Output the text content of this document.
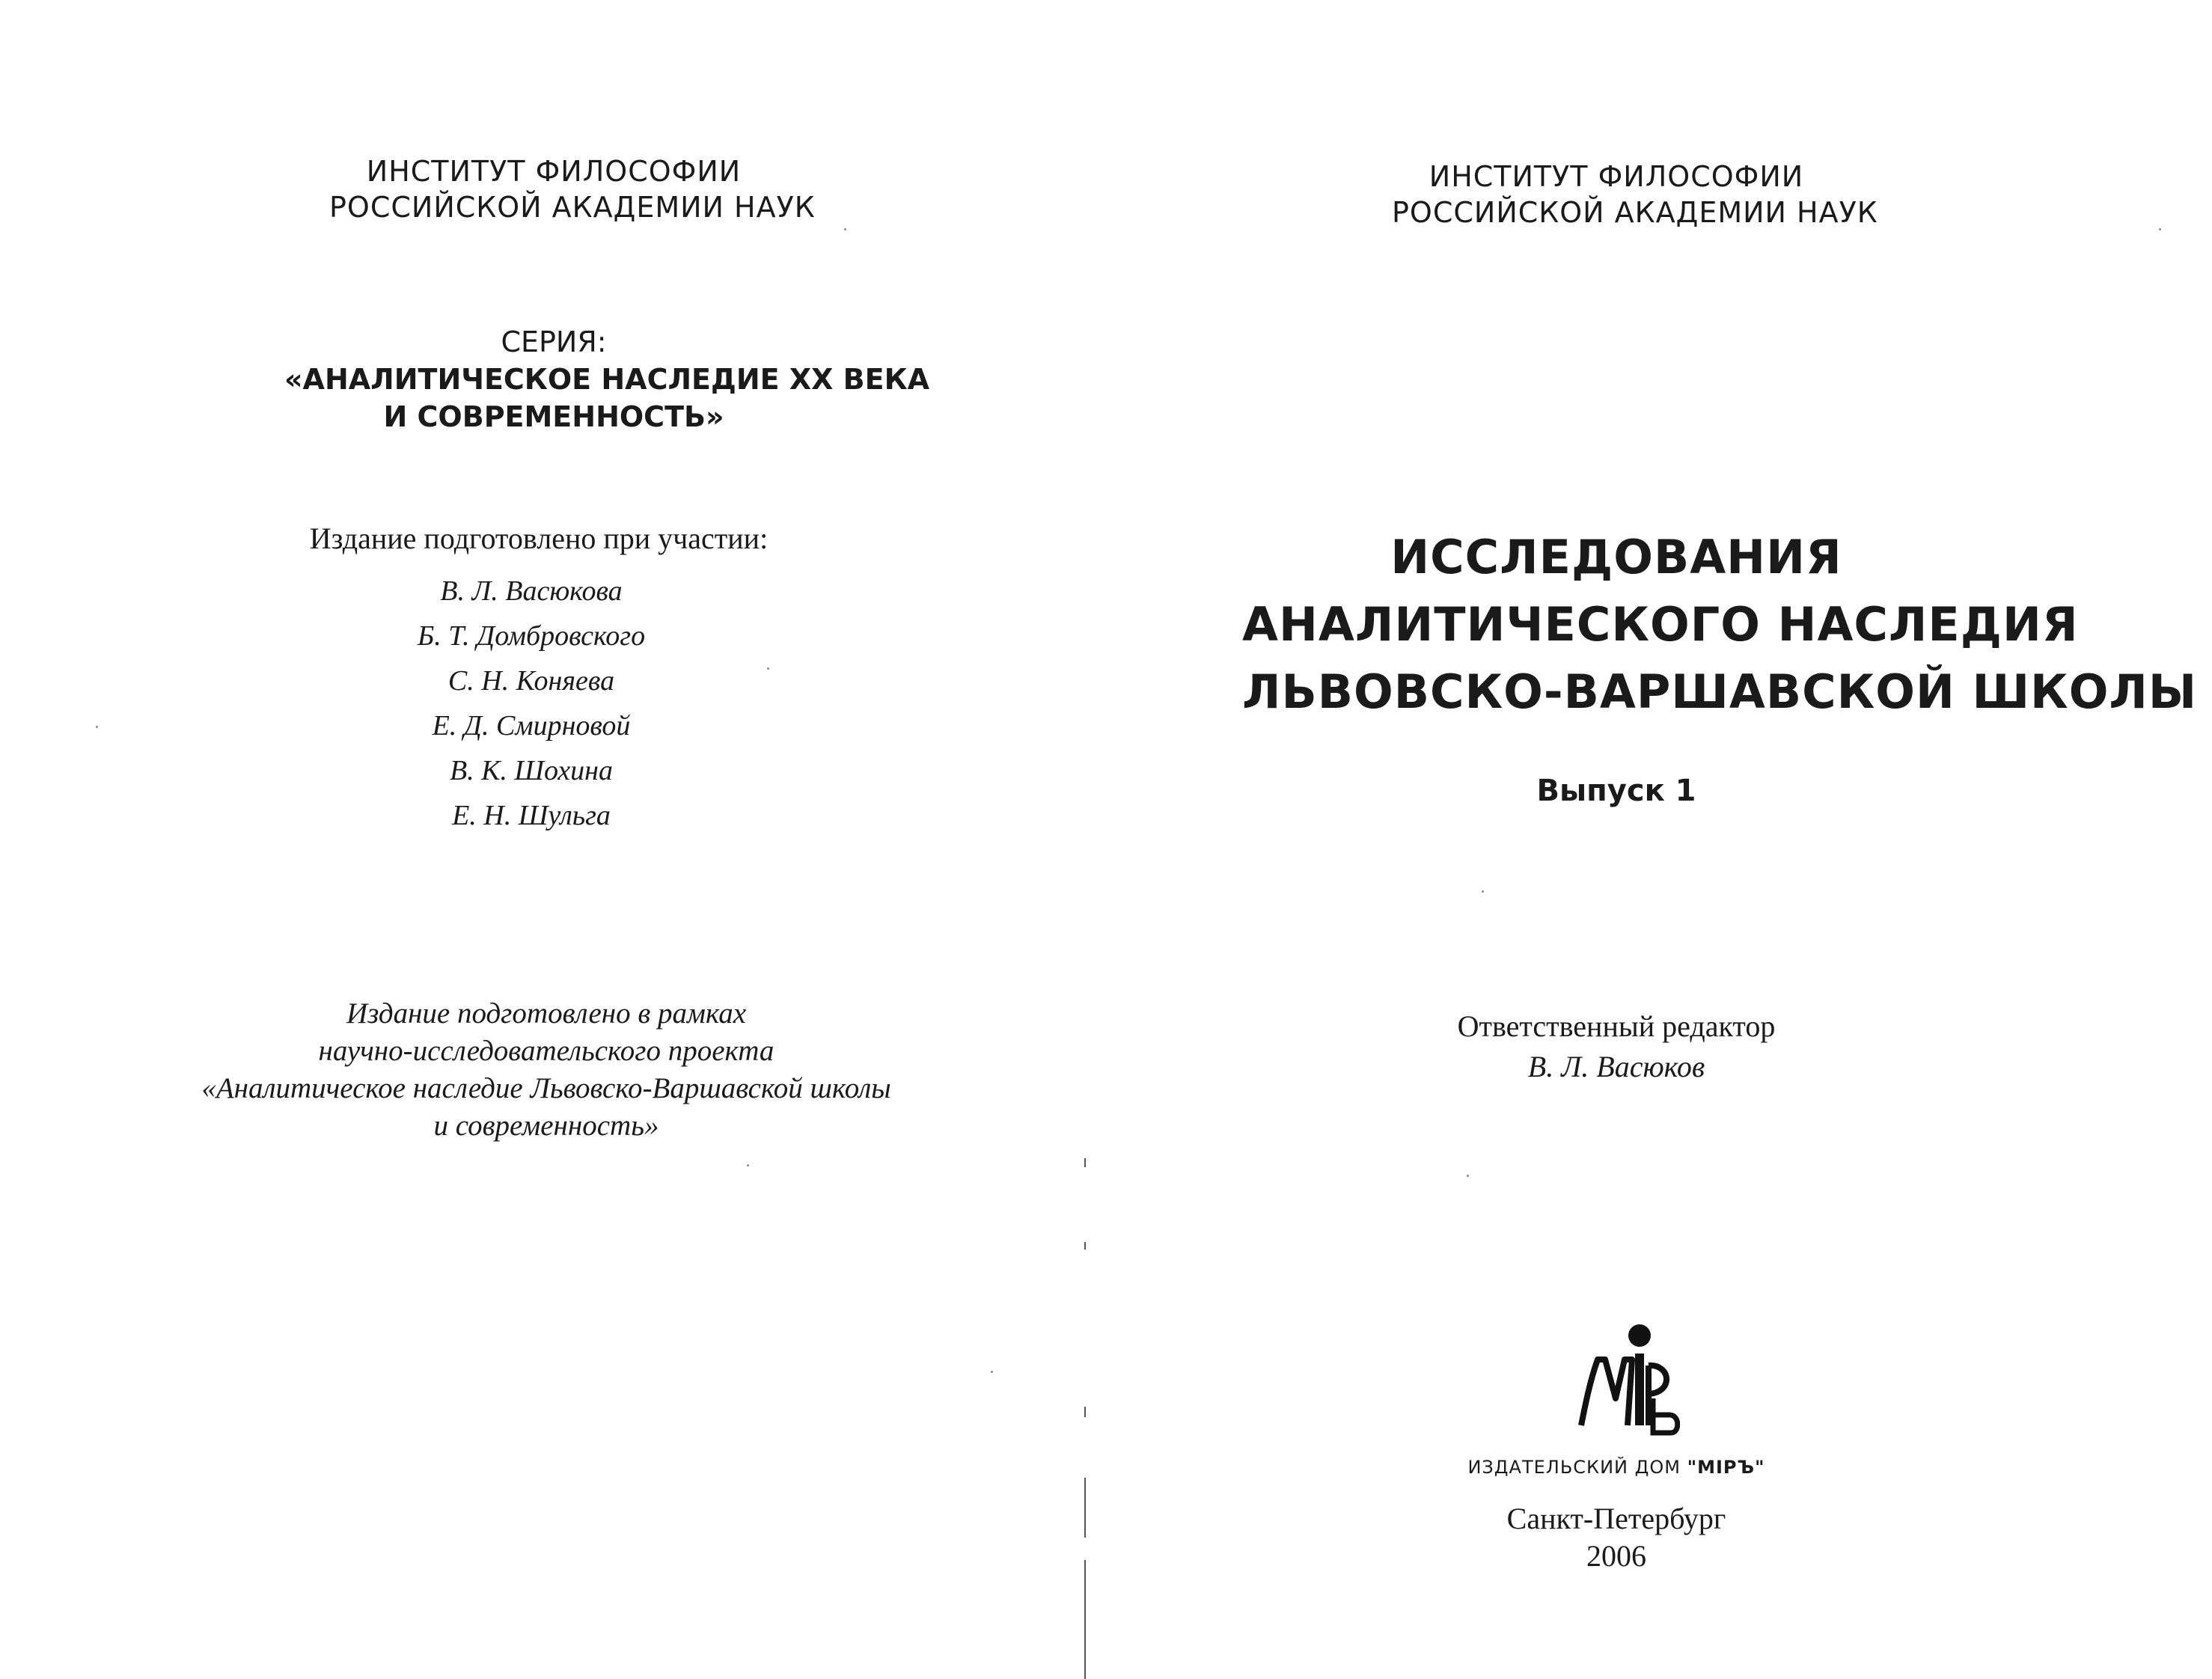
ИНСТИТУТ ФИЛОСОФИИ
РОССИЙСКОЙ АКАДЕМИИ НАУК
СЕРИЯ:
«АНАЛИТИЧЕСКОЕ НАСЛЕДИЕ XX ВЕКА
И СОВРЕМЕННОСТЬ»
Издание подготовлено при участии:
В. Л. Васюкова
Б. Т. Домбровского
С. Н. Коняева
Е. Д. Смирновой
В. К. Шохина
Е. Н. Шульга
Издание подготовлено в рамках
научно-исследовательского проекта
«Аналитическое наследие Львовско-Варшавской школы
и современность»
ИНСТИТУТ ФИЛОСОФИИ
РОССИЙСКОЙ АКАДЕМИИ НАУК
ИССЛЕДОВАНИЯ
АНАЛИТИЧЕСКОГО НАСЛЕДИЯ
ЛЬВОВСКО-ВАРШАВСКОЙ ШКОЛЫ
Выпуск 1
Ответственный редактор
В. Л. Васюков
ИЗДАТЕЛЬСКИЙ ДОМ "МІРЪ"
Санкт-Петербург
2006
